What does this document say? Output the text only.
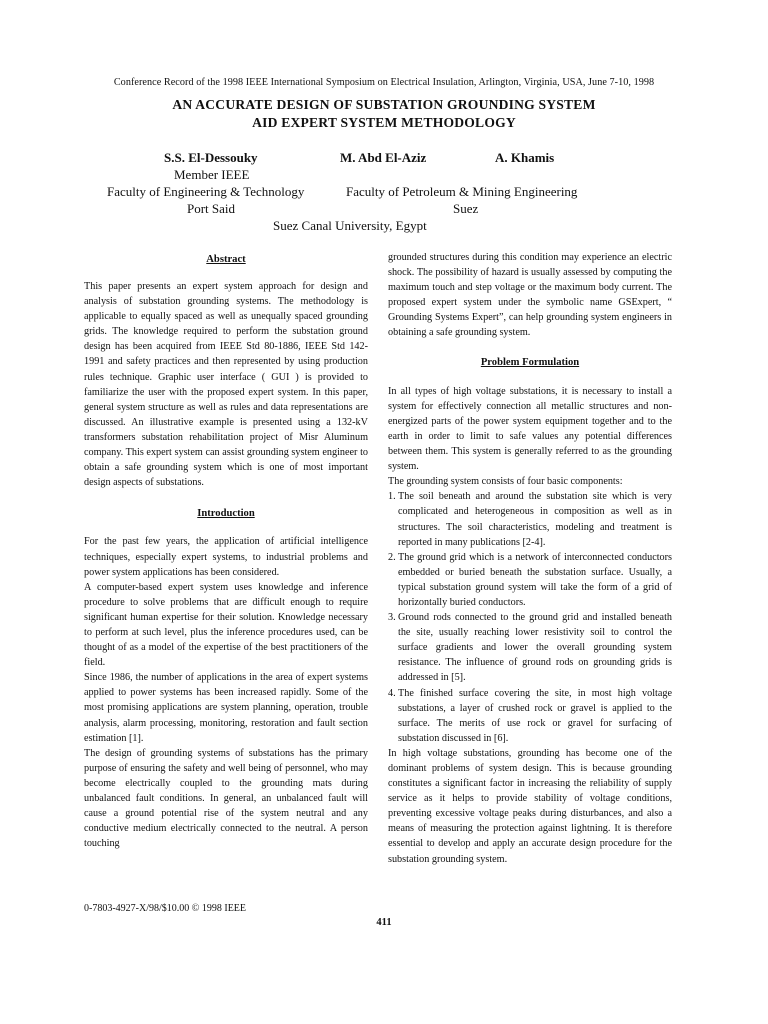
Conference Record of the 1998 IEEE International Symposium on Electrical Insulation, Arlington, Virginia, USA, June 7-10, 1998
AN ACCURATE DESIGN OF SUBSTATION GROUNDING SYSTEM
AID EXPERT SYSTEM METHODOLOGY
S.S. El-Dessouky	M. Abd El-Aziz	A. Khamis
Member IEEE
Faculty of Engineering & Technology
Port Said
Faculty of Petroleum & Mining Engineering
Suez
Suez Canal University, Egypt

Abstract

This paper presents an expert system approach for design and analysis of substation grounding systems. The methodology is applicable to equally spaced as well as unequally spaced grounding grids. The knowledge required to perform the substation ground design has been acquired from IEEE Std 80-1886, IEEE Std 142-1991 and safety practices and then represented by using production rules technique. Graphic user interface ( GUI ) is provided to familiarize the user with the proposed expert system. In this paper, general system structure as well as rules and data representations are discussed. An illustrative example is presented using a 132-kV transformers substation rehabilitation project of Misr Aluminum company. This expert system can assist grounding system engineer to obtain a safe grounding system which is one of most important design aspects of substations.

Introduction

For the past few years, the application of artificial intelligence techniques, especially expert systems, to industrial problems and power system applications has been considered.

A computer-based expert system uses knowledge and inference procedure to solve problems that are difficult enough to require significant human expertise for their solution. Knowledge necessary to perform at such level, plus the inference procedures used, can be thought of as a model of the expertise of the best practitioners of the field.

Since 1986, the number of applications in the area of expert systems applied to power systems has been increased rapidly. Some of the most promising applications are system planning, operation, trouble analysis, alarm processing, monitoring, restoration and fault section estimation [1].

The design of grounding systems of substations has the primary purpose of ensuring the safety and well being of personnel, who may become electrically coupled to the grounding mats during unbalanced fault conditions. In general, an unbalanced fault will cause a ground potential rise of the system neutral and any conductive medium electrically connected to the neutral. A person touching

grounded structures during this condition may experience an electric shock. The possibility of hazard is usually assessed by computing the maximum touch and step voltage or the maximum body current. The proposed expert system under the symbolic name GSExpert, “ Grounding Systems Expert”, can help grounding system engineers in obtaining a safe grounding system.

Problem Formulation

In all types of high voltage substations, it is necessary to install a system for effectively connection all metallic structures and non-energized parts of the power system equipment together and to the earth in order to limit to safe values any potential differences between them. This system is generally referred to as the grounding system.

The grounding system consists of four basic components:

1. The soil beneath and around the substation site which is very complicated and heterogeneous in composition as well as in structures. The soil characteristics, modeling and treatment is reported in many publications [2-4].
2. The ground grid which is a network of interconnected conductors embedded or buried beneath the substation surface. Usually, a typical substation ground system will take the form of a grid of horizontally buried conductors.
3. Ground rods connected to the ground grid and installed beneath the site, usually reaching lower resistivity soil to control the surface gradients and lower the overall grounding system resistance. The influence of ground rods on grounding grids is addressed in [5].
4. The finished surface covering the site, in most high voltage substations, a layer of crushed rock or gravel is applied to the surface. The merits of use rock or gravel for surfacing of substation discussed in [6].

In high voltage substations, grounding has become one of the dominant problems of system design. This is because grounding constitutes a significant factor in increasing the reliability of supply service as it helps to provide stability of voltage conditions, preventing excessive voltage peaks during disturbances, and also a means of measuring the protection against lightning. It is therefore essential to develop and apply an accurate design procedure for the substation grounding system.

0-7803-4927-X/98/$10.00 © 1998 IEEE
411
